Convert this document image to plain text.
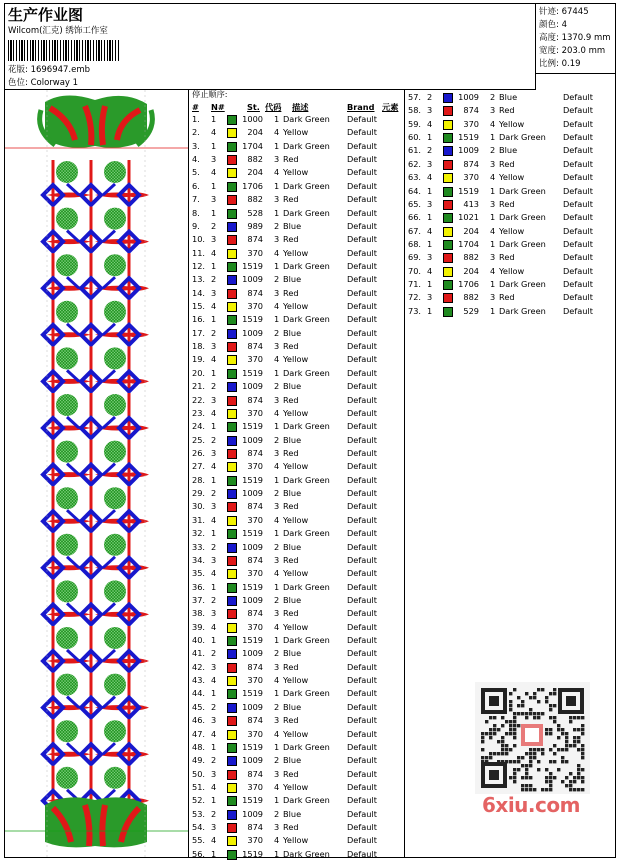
生产作业图
Wilcom(汇克) 绣饰工作室
花版: 1696947.emb
色位: Colorway 1
针迹: 67445
颜色: 4
高度: 1370.9 mm
宽度: 203.0 mm
比例: 0.19
停止顺序:
# N#	St. 代码 描述	Brand 元素
1. 1	1000 1 Dark Green Default
2. 4	204 4 Yellow	Default
3. 1	1704 1 Dark Green Default
4. 3	882 3 Red	Default
5. 4	204 4 Yellow	Default
6. 1	1706 1 Dark Green Default
7. 3	882 3 Red	Default
8. 1	528 1 Dark Green Default
9. 2	989 2 Blue	Default
10. 3	874 3 Red	Default
11. 4	370 4 Yellow	Default
12. 1	1519 1 Dark Green Default
13. 2	1009 2 Blue	Default
14. 3	874 3 Red	Default
15. 4	370 4 Yellow	Default
16. 1	1519 1 Dark Green Default
17. 2	1009 2 Blue	Default
18. 3	874 3 Red	Default
19. 4	370 4 Yellow	Default
20. 1	1519 1 Dark Green Default
21. 2	1009 2 Blue	Default
22. 3	874 3 Red	Default
23. 4	370 4 Yellow	Default
24. 1	1519 1 Dark Green Default
25. 2	1009 2 Blue	Default
26. 3	874 3 Red	Default
27. 4	370 4 Yellow	Default
28. 1	1519 1 Dark Green Default
29. 2	1009 2 Blue	Default
30. 3	874 3 Red	Default
31. 4	370 4 Yellow	Default
32. 1	1519 1 Dark Green Default
33. 2	1009 2 Blue	Default
34. 3	874 3 Red	Default
35. 4	370 4 Yellow	Default
36. 1	1519 1 Dark Green Default
37. 2	1009 2 Blue	Default
38. 3	874 3 Red	Default
39. 4	370 4 Yellow	Default
40. 1	1519 1 Dark Green Default
41. 2	1009 2 Blue	Default
42. 3	874 3 Red	Default
43. 4	370 4 Yellow	Default
44. 1	1519 1 Dark Green Default
45. 2	1009 2 Blue	Default
46. 3	874 3 Red	Default
47. 4	370 4 Yellow	Default
48. 1	1519 1 Dark Green Default
49. 2	1009 2 Blue	Default
50. 3	874 3 Red	Default
51. 4	370 4 Yellow	Default
52. 1	1519 1 Dark Green Default
53. 2	1009 2 Blue	Default
54. 3	874 3 Red	Default
55. 4	370 4 Yellow	Default
56. 1	1519 1 Dark Green Default
57. 2	1009 2 Blue	Default
58. 3	874 3 Red	Default
59. 4	370 4 Yellow	Default
60. 1	1519 1 Dark Green Default
61. 2	1009 2 Blue	Default
62. 3	874 3 Red	Default
63. 4	370 4 Yellow	Default
64. 1	1519 1 Dark Green Default
65. 3	413 3 Red	Default
66. 1	1021 1 Dark Green Default
67. 4	204 4 Yellow	Default
68. 1	1704 1 Dark Green Default
69. 3	882 3 Red	Default
70. 4	204 4 Yellow	Default
71. 1	1706 1 Dark Green Default
72. 3	882 3 Red	Default
73. 1	529 1 Dark Green Default
6xiu.com
